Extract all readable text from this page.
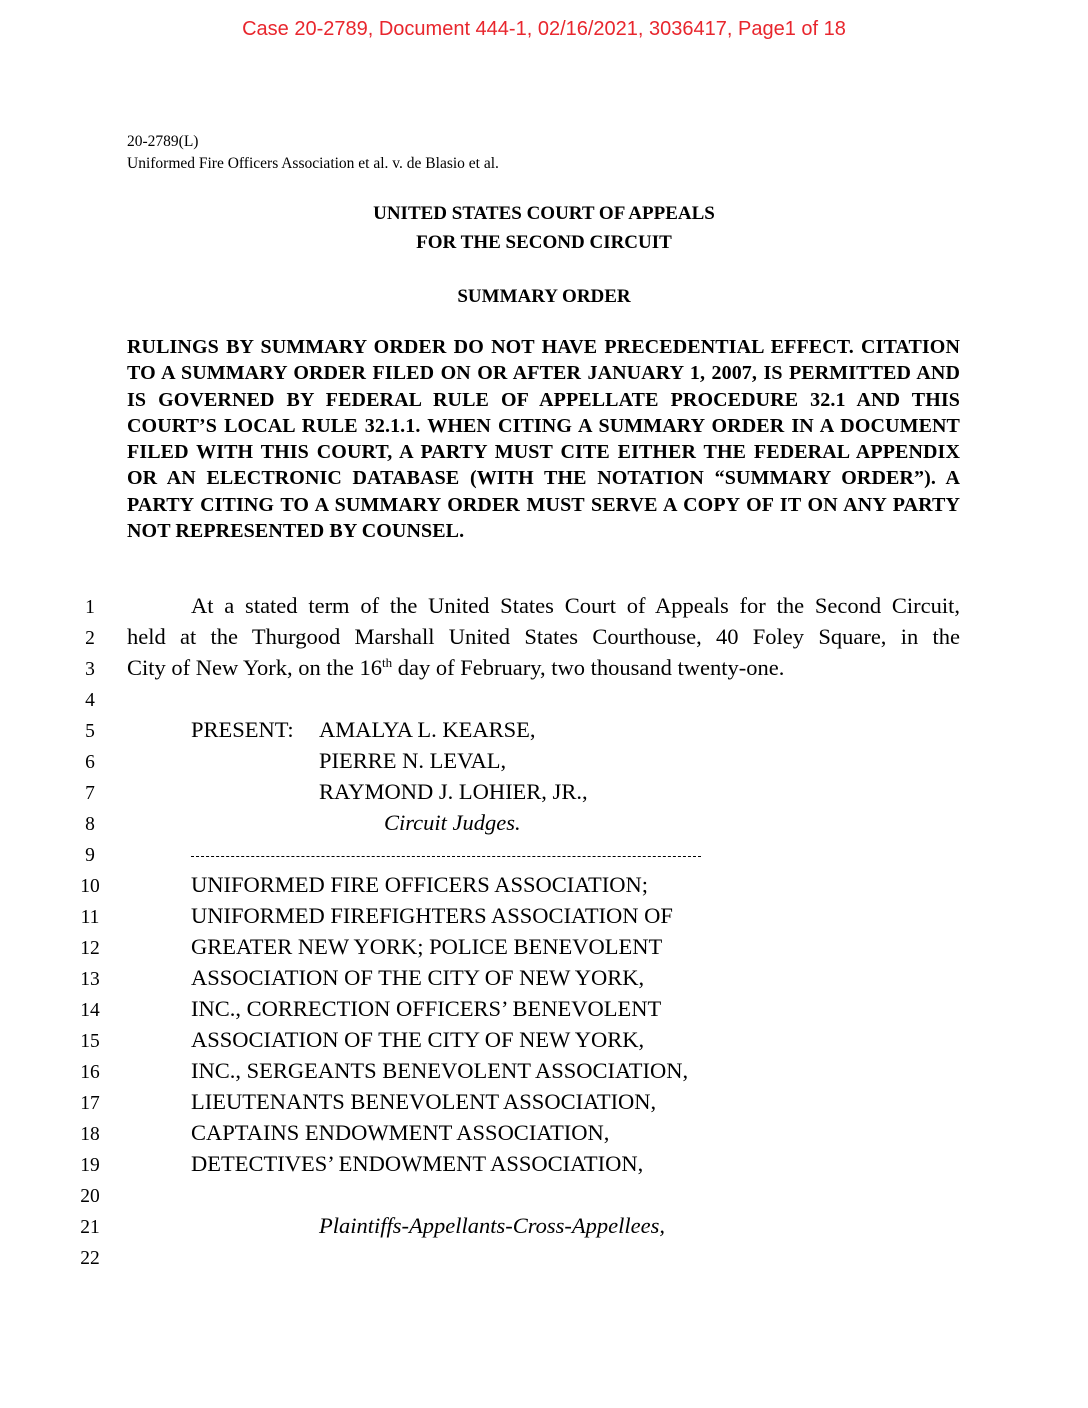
Case 20-2789, Document 444-1, 02/16/2021, 3036417, Page1 of 18
20-2789(L)
Uniformed Fire Officers Association et al. v. de Blasio et al.
UNITED STATES COURT OF APPEALS
FOR THE SECOND CIRCUIT
SUMMARY ORDER
RULINGS BY SUMMARY ORDER DO NOT HAVE PRECEDENTIAL EFFECT. CITATION TO A SUMMARY ORDER FILED ON OR AFTER JANUARY 1, 2007, IS PERMITTED AND IS GOVERNED BY FEDERAL RULE OF APPELLATE PROCEDURE 32.1 AND THIS COURT’S LOCAL RULE 32.1.1. WHEN CITING A SUMMARY ORDER IN A DOCUMENT FILED WITH THIS COURT, A PARTY MUST CITE EITHER THE FEDERAL APPENDIX OR AN ELECTRONIC DATABASE (WITH THE NOTATION “SUMMARY ORDER”). A PARTY CITING TO A SUMMARY ORDER MUST SERVE A COPY OF IT ON ANY PARTY NOT REPRESENTED BY COUNSEL.
1
2
3
4
5
6
7
8
9
10
11
12
13
14
15
16
17
18
19
20
21
22
At a stated term of the United States Court of Appeals for the Second Circuit,
held at the Thurgood Marshall United States Courthouse, 40 Foley Square, in the
City of New York, on the 16th day of February, two thousand twenty-one.
PRESENT: AMALYA L. KEARSE,
PIERRE N. LEVAL,
RAYMOND J. LOHIER, JR.,
Circuit Judges.
UNIFORMED FIRE OFFICERS ASSOCIATION;
UNIFORMED FIREFIGHTERS ASSOCIATION OF
GREATER NEW YORK; POLICE BENEVOLENT
ASSOCIATION OF THE CITY OF NEW YORK,
INC., CORRECTION OFFICERS’ BENEVOLENT
ASSOCIATION OF THE CITY OF NEW YORK,
INC., SERGEANTS BENEVOLENT ASSOCIATION,
LIEUTENANTS BENEVOLENT ASSOCIATION,
CAPTAINS ENDOWMENT ASSOCIATION,
DETECTIVES’ ENDOWMENT ASSOCIATION,
Plaintiffs-Appellants-Cross-Appellees,
